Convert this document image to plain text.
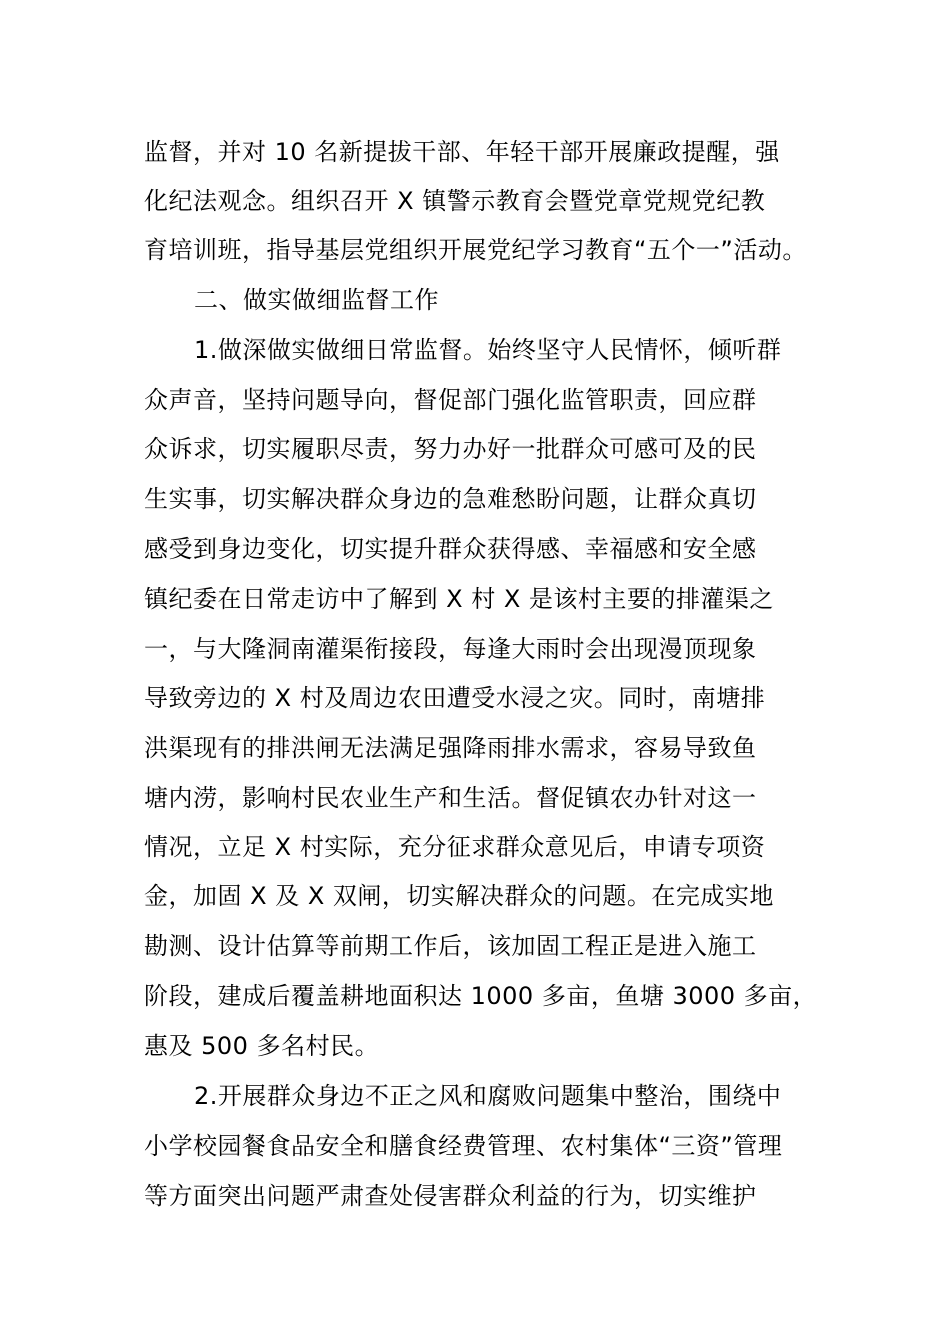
监督，并对 10 名新提拔干部、年轻干部开展廉政提醒，强
化纪法观念。组织召开 X 镇警示教育会暨党章党规党纪教
育培训班，指导基层党组织开展党纪学习教育“五个一”活动。
二、做实做细监督工作
1.做深做实做细日常监督。始终坚守人民情怀，倾听群
众声音，坚持问题导向，督促部门强化监管职责，回应群
众诉求，切实履职尽责，努力办好一批群众可感可及的民
生实事，切实解决群众身边的急难愁盼问题，让群众真切
感受到身边变化，切实提升群众获得感、幸福感和安全感
镇纪委在日常走访中了解到 X 村 X 是该村主要的排灌渠之
一，与大隆洞南灌渠衔接段，每逢大雨时会出现漫顶现象
导致旁边的 X 村及周边农田遭受水浸之灾。同时，南塘排
洪渠现有的排洪闸无法满足强降雨排水需求，容易导致鱼
塘内涝，影响村民农业生产和生活。督促镇农办针对这一
情况，立足 X 村实际，充分征求群众意见后，申请专项资
金，加固 X 及 X 双闸，切实解决群众的问题。在完成实地
勘测、设计估算等前期工作后，该加固工程正是进入施工
阶段，建成后覆盖耕地面积达 1000 多亩，鱼塘 3000 多亩，
惠及 500 多名村民。
2.开展群众身边不正之风和腐败问题集中整治，围绕中
小学校园餐食品安全和膳食经费管理、农村集体“三资”管理
等方面突出问题严肃查处侵害群众利益的行为，切实维护
